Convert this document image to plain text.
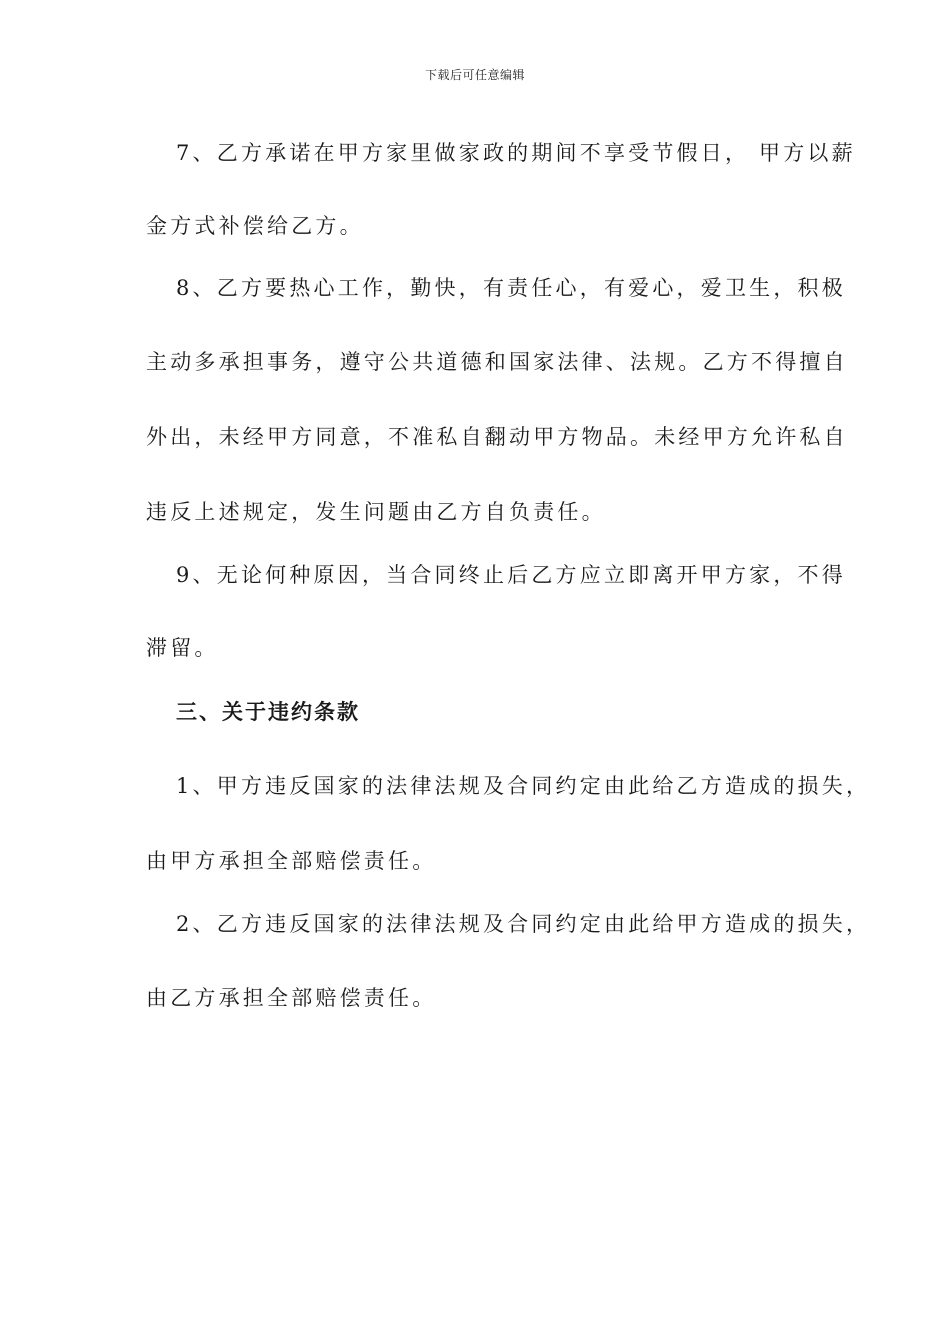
下载后可任意编辑
7、乙方承诺在甲方家里做家政的期间不享受节假日， 甲方以薪
金方式补偿给乙方。
8、乙方要热心工作，勤快，有责任心，有爱心，爱卫生，积极
主动多承担事务，遵守公共道德和国家法律、法规。乙方不得擅自
外出，未经甲方同意，不准私自翻动甲方物品。未经甲方允许私自
违反上述规定，发生问题由乙方自负责任。
9、无论何种原因，当合同终止后乙方应立即离开甲方家，不得
滞留。
三、关于违约条款
1、甲方违反国家的法律法规及合同约定由此给乙方造成的损失，
由甲方承担全部赔偿责任。
2、乙方违反国家的法律法规及合同约定由此给甲方造成的损失，
由乙方承担全部赔偿责任。
